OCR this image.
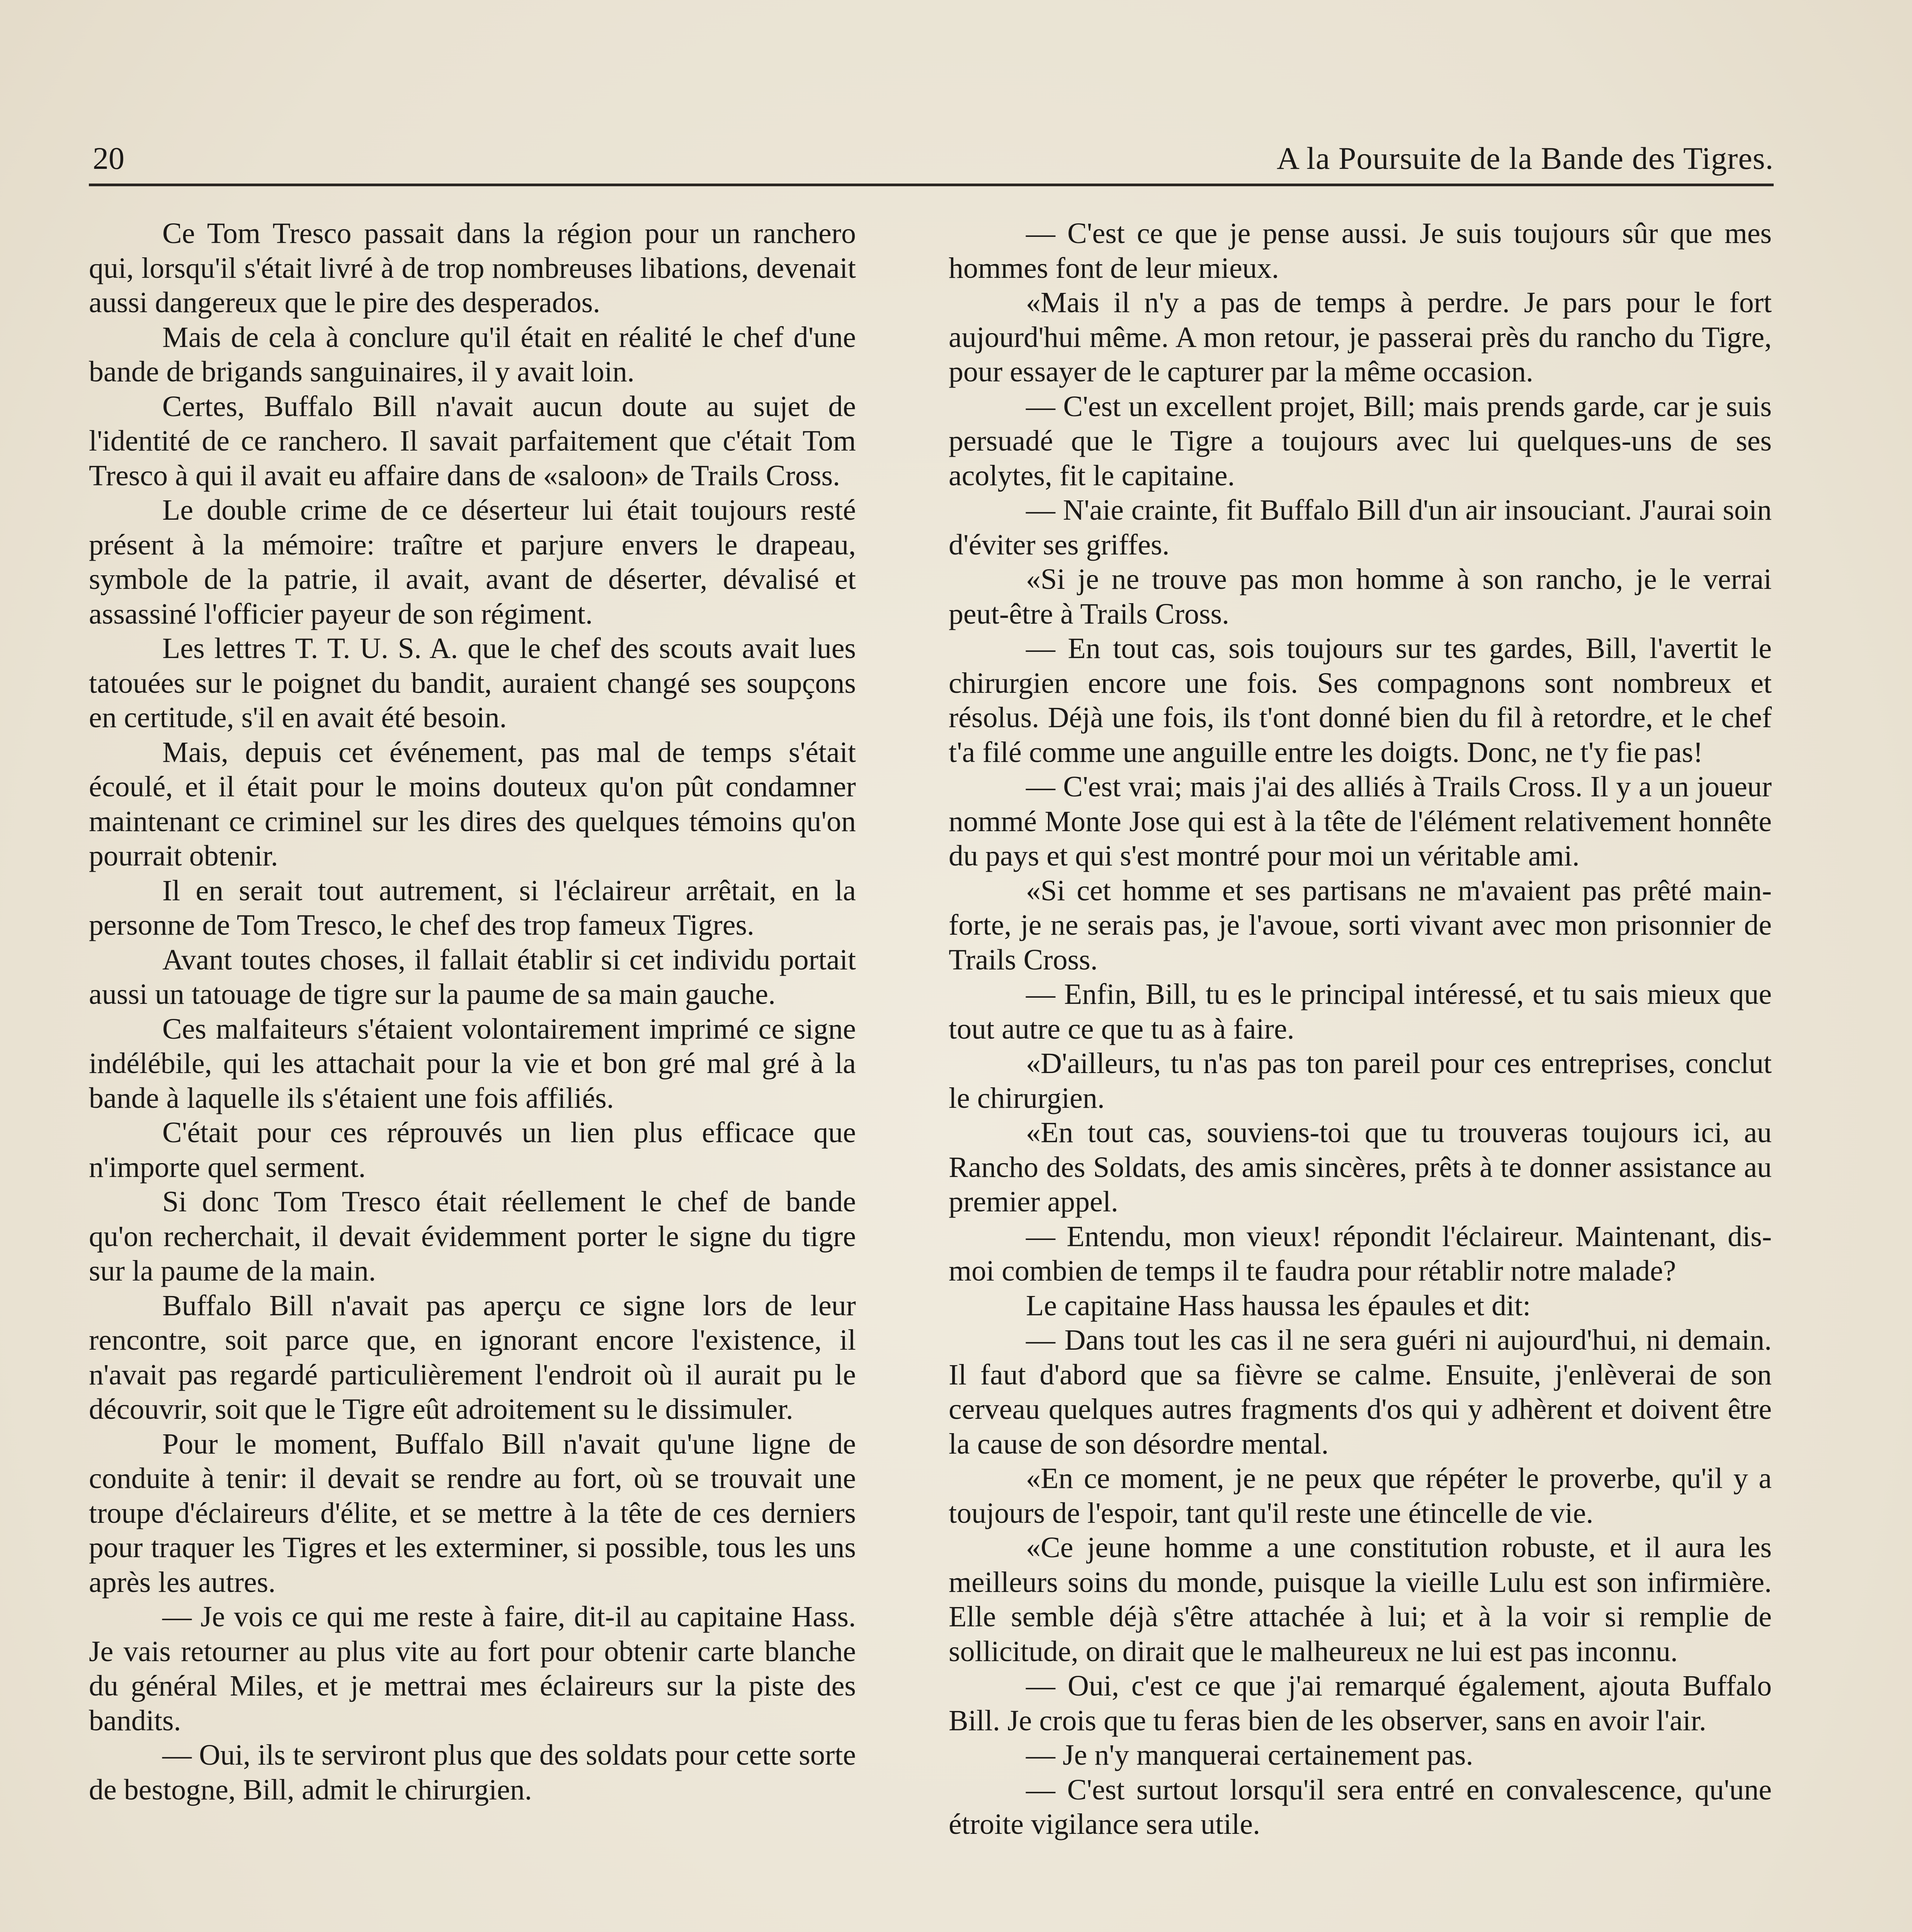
20	A la Poursuite de la Bande des Tigres.

Ce Tom Tresco passait dans la région pour un ranchero qui, lorsqu'il s'était livré à de trop nombreuses libations, devenait aussi dangereux que le pire des desperados.

Mais de cela à conclure qu'il était en réalité le chef d'une bande de brigands sanguinaires, il y avait loin.

Certes, Buffalo Bill n'avait aucun doute au sujet de l'identité de ce ranchero. Il savait parfaitement que c'était Tom Tresco à qui il avait eu affaire dans de «saloon» de Trails Cross.

Le double crime de ce déserteur lui était toujours resté présent à la mémoire: traître et parjure envers le drapeau, symbole de la patrie, il avait, avant de déserter, dévalisé et assassiné l'officier payeur de son régiment.

Les lettres T. T. U. S. A. que le chef des scouts avait lues tatouées sur le poignet du bandit, auraient changé ses soupçons en certitude, s'il en avait été besoin.

Mais, depuis cet événement, pas mal de temps s'était écoulé, et il était pour le moins douteux qu'on pût condamner maintenant ce criminel sur les dires des quelques témoins qu'on pourrait obtenir.

Il en serait tout autrement, si l'éclaireur arrêtait, en la personne de Tom Tresco, le chef des trop fameux Tigres.

Avant toutes choses, il fallait établir si cet individu portait aussi un tatouage de tigre sur la paume de sa main gauche.

Ces malfaiteurs s'étaient volontairement imprimé ce signe indélébile, qui les attachait pour la vie et bon gré mal gré à la bande à laquelle ils s'étaient une fois affiliés.

C'était pour ces réprouvés un lien plus efficace que n'importe quel serment.

Si donc Tom Tresco était réellement le chef de bande qu'on recherchait, il devait évidemment porter le signe du tigre sur la paume de la main.

Buffalo Bill n'avait pas aperçu ce signe lors de leur rencontre, soit parce que, en ignorant encore l'existence, il n'avait pas regardé particulièrement l'endroit où il aurait pu le découvrir, soit que le Tigre eût adroitement su le dissimuler.

Pour le moment, Buffalo Bill n'avait qu'une ligne de conduite à tenir: il devait se rendre au fort, où se trouvait une troupe d'éclaireurs d'élite, et se mettre à la tête de ces derniers pour traquer les Tigres et les exterminer, si possible, tous les uns après les autres.

— Je vois ce qui me reste à faire, dit-il au capitaine Hass. Je vais retourner au plus vite au fort pour obtenir carte blanche du général Miles, et je mettrai mes éclaireurs sur la piste des bandits.

— Oui, ils te serviront plus que des soldats pour cette sorte de bestogne, Bill, admit le chirurgien.

— C'est ce que je pense aussi. Je suis toujours sûr que mes hommes font de leur mieux.

«Mais il n'y a pas de temps à perdre. Je pars pour le fort aujourd'hui même. A mon retour, je passerai près du rancho du Tigre, pour essayer de le capturer par la même occasion.

— C'est un excellent projet, Bill; mais prends garde, car je suis persuadé que le Tigre a toujours avec lui quelques-uns de ses acolytes, fit le capitaine.

— N'aie crainte, fit Buffalo Bill d'un air insouciant. J'aurai soin d'éviter ses griffes.

«Si je ne trouve pas mon homme à son rancho, je le verrai peut-être à Trails Cross.

— En tout cas, sois toujours sur tes gardes, Bill, l'avertit le chirurgien encore une fois. Ses compagnons sont nombreux et résolus. Déjà une fois, ils t'ont donné bien du fil à retordre, et le chef t'a filé comme une anguille entre les doigts. Donc, ne t'y fie pas!

— C'est vrai; mais j'ai des alliés à Trails Cross. Il y a un joueur nommé Monte Jose qui est à la tête de l'élément relativement honnête du pays et qui s'est montré pour moi un véritable ami.

«Si cet homme et ses partisans ne m'avaient pas prêté main-forte, je ne serais pas, je l'avoue, sorti vivant avec mon prisonnier de Trails Cross.

— Enfin, Bill, tu es le principal intéressé, et tu sais mieux que tout autre ce que tu as à faire.

«D'ailleurs, tu n'as pas ton pareil pour ces entreprises, conclut le chirurgien.

«En tout cas, souviens-toi que tu trouveras toujours ici, au Rancho des Soldats, des amis sincères, prêts à te donner assistance au premier appel.

— Entendu, mon vieux! répondit l'éclaireur. Maintenant, dis-moi combien de temps il te faudra pour rétablir notre malade?

Le capitaine Hass haussa les épaules et dit:

— Dans tout les cas il ne sera guéri ni aujourd'hui, ni demain. Il faut d'abord que sa fièvre se calme. Ensuite, j'enlèverai de son cerveau quelques autres fragments d'os qui y adhèrent et doivent être la cause de son désordre mental.

«En ce moment, je ne peux que répéter le proverbe, qu'il y a toujours de l'espoir, tant qu'il reste une étincelle de vie.

«Ce jeune homme a une constitution robuste, et il aura les meilleurs soins du monde, puisque la vieille Lulu est son infirmière. Elle semble déjà s'être attachée à lui; et à la voir si remplie de sollicitude, on dirait que le malheureux ne lui est pas inconnu.

— Oui, c'est ce que j'ai remarqué également, ajouta Buffalo Bill. Je crois que tu feras bien de les observer, sans en avoir l'air.

— Je n'y manquerai certainement pas.

— C'est surtout lorsqu'il sera entré en convalescence, qu'une étroite vigilance sera utile.
